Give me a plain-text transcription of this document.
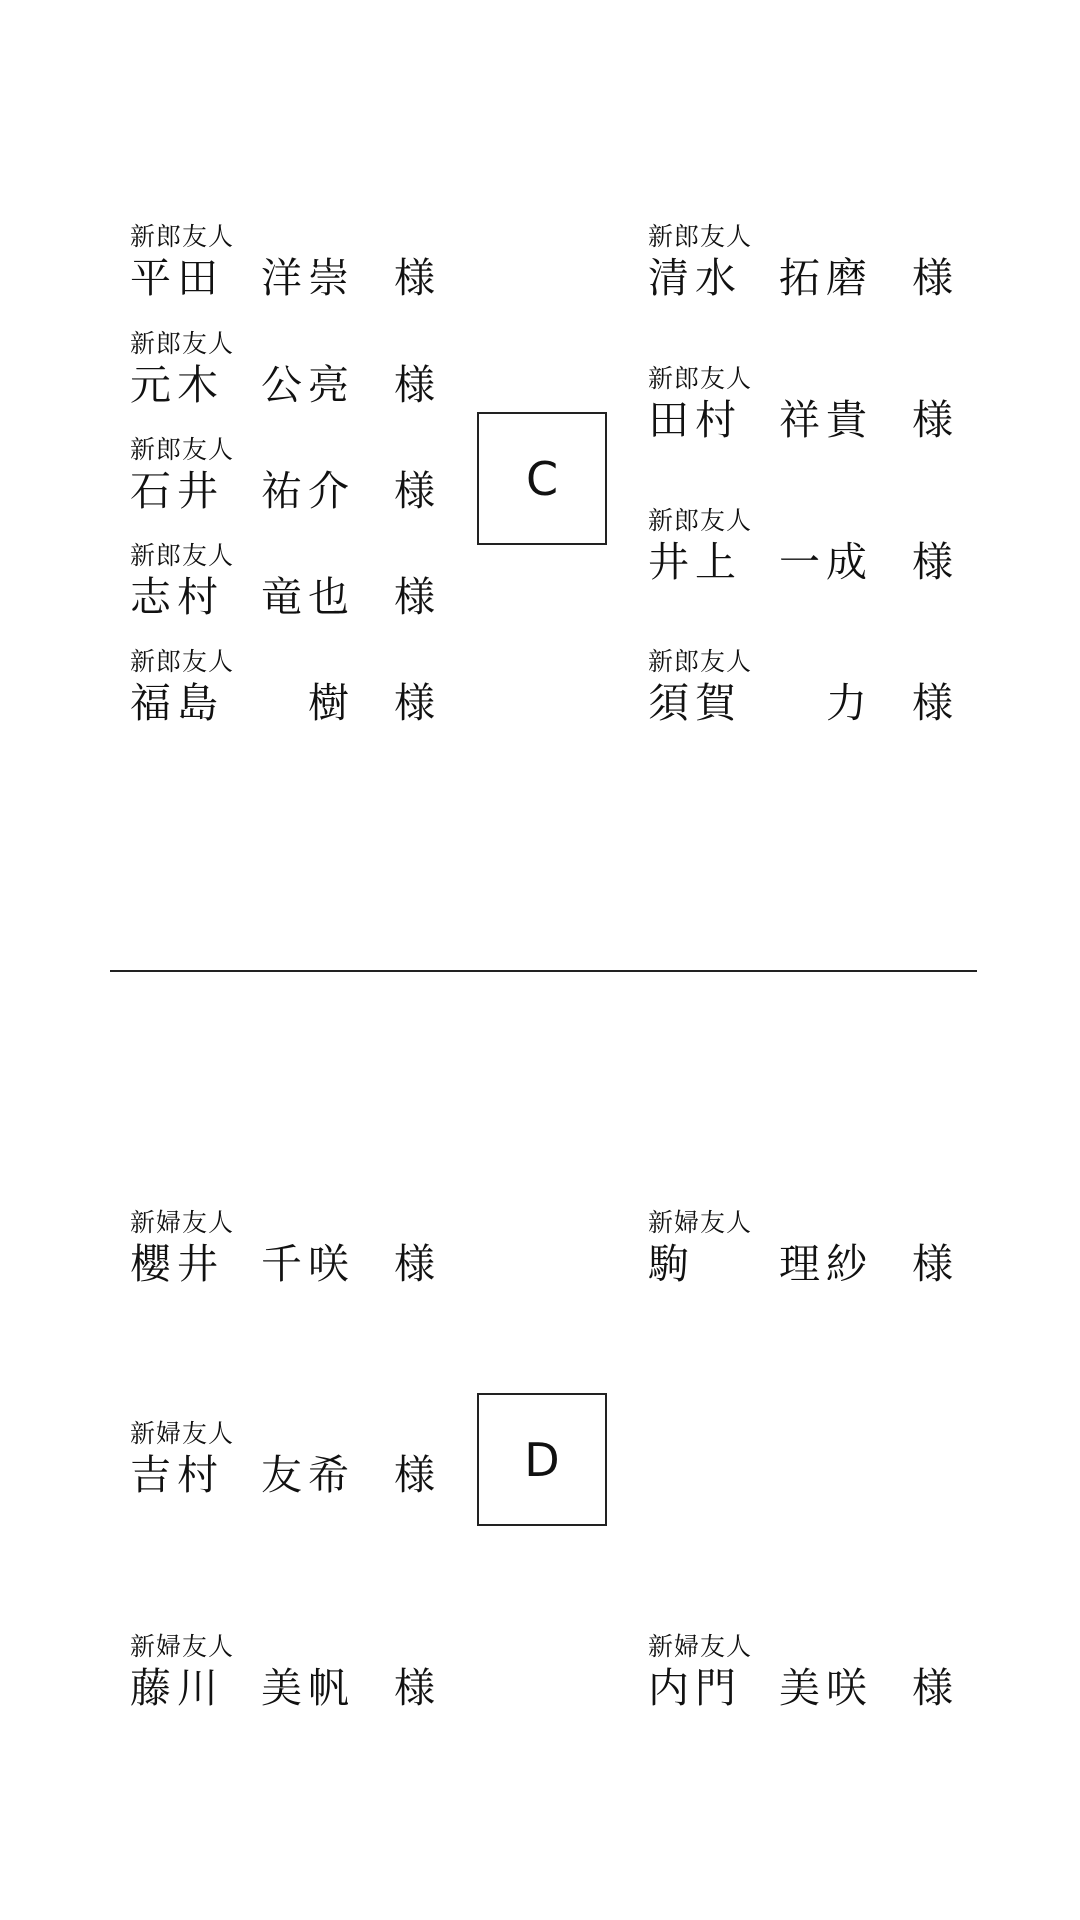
新郎友人
平田 洋崇 様
新郎友人
元木 公亮 様
新郎友人
石井 祐介 様
新郎友人
志村 竜也 様
新郎友人
福島 樹 様
C
新郎友人
清水 拓磨 様
新郎友人
田村 祥貴 様
新郎友人
井上 一成 様
新郎友人
須賀 力 様
新婦友人
櫻井 千咲 様
新婦友人
吉村 友希 様
新婦友人
藤川 美帆 様
D
新婦友人
駒 理紗 様
新婦友人
内門 美咲 様
